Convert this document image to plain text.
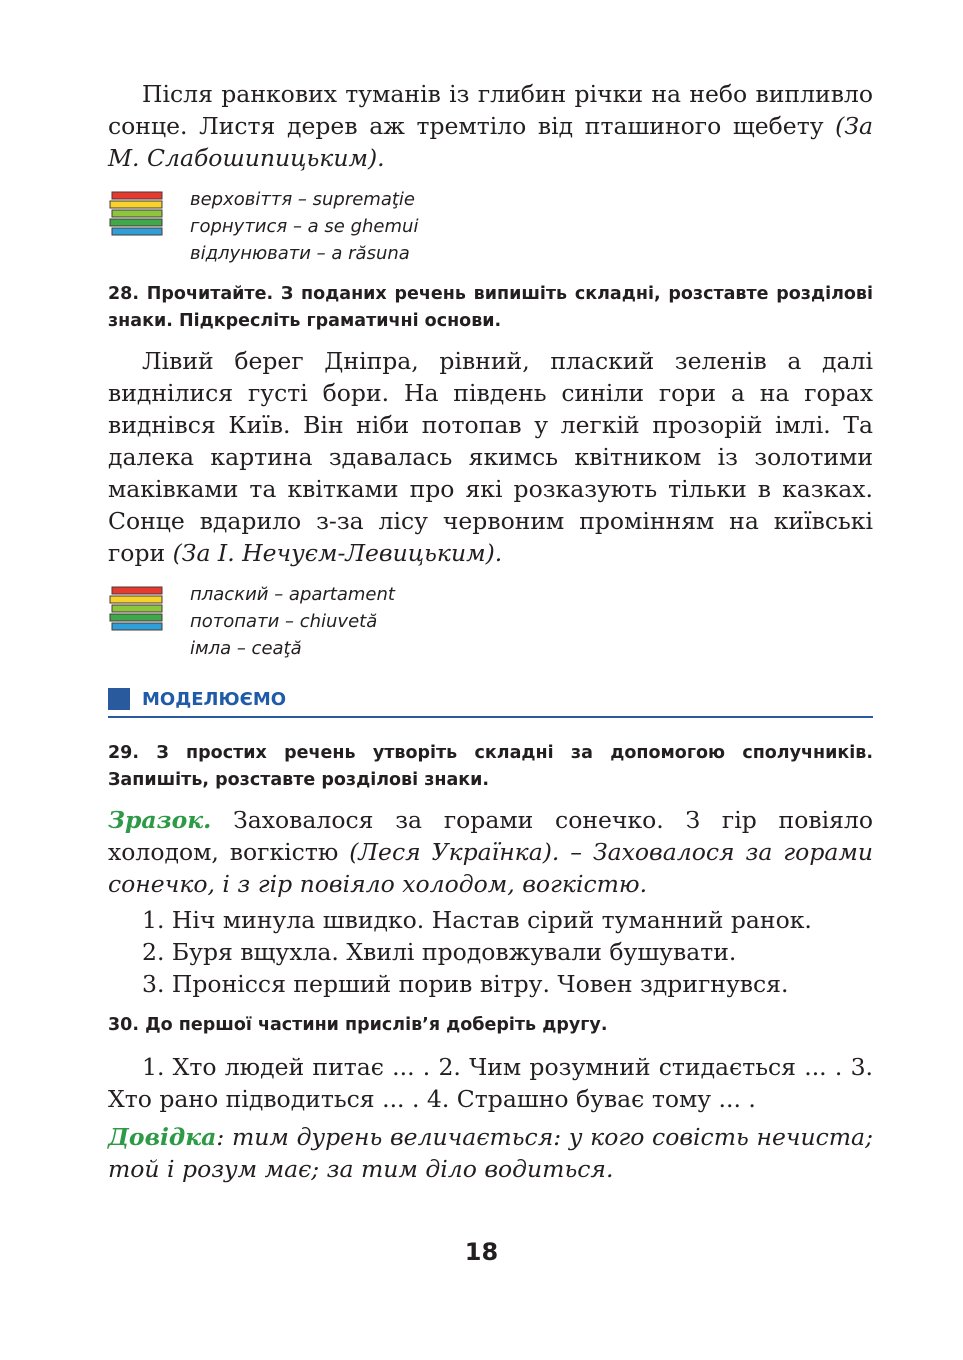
Після ранкових туманів із глибин річки на небо випливло сонце. Листя дерев аж тремтіло від пташиного щебету (За М. Слабошипицьким).

верховіття – supremaţie
горнутися – a se ghemui
відлунювати – a răsuna

28. Прочитайте. З поданих речень випишіть складні, розставте розділові знаки. Підкресліть граматичні основи.

Лівий берег Дніпра, рівний, плаский зеленів а далі виднілися густі бори. На південь синіли гори а на горах виднівся Київ. Він ніби потопав у легкій прозорій імлі. Та далека картина здавалась якимсь квітником із золотими маківками та квітками про які розказують тільки в казках. Сонце вдарило з-за лісу червоним промінням на київські гори (За І. Нечуєм-Левицьким).

плаский – apartament
потопати – chiuvetă
імла – ceaţă
МОДЕЛЮЄМО

29. З простих речень утворіть складні за допомогою сполучників. Запишіть, розставте розділові знаки.

Зразок. Заховалося за горами сонечко. З гір повіяло холодом, вогкістю (Леся Українка). – Заховалося за горами сонечко, і з гір повіяло холодом, вогкістю.

1. Ніч минула швидко. Настав сірий туманний ранок.

2. Буря вщухла. Хвилі продовжували бушувати.

3. Пронісся перший порив вітру. Човен здригнувся.

30. До першої частини прислів’я доберіть другу.

1. Хто людей питає ... . 2. Чим розумний стидається ... . 3. Хто рано підводиться ... . 4. Страшно буває тому ... .

Довідка: тим дурень величається: у кого совість нечиста; той і розум має; за тим діло водиться.

18
